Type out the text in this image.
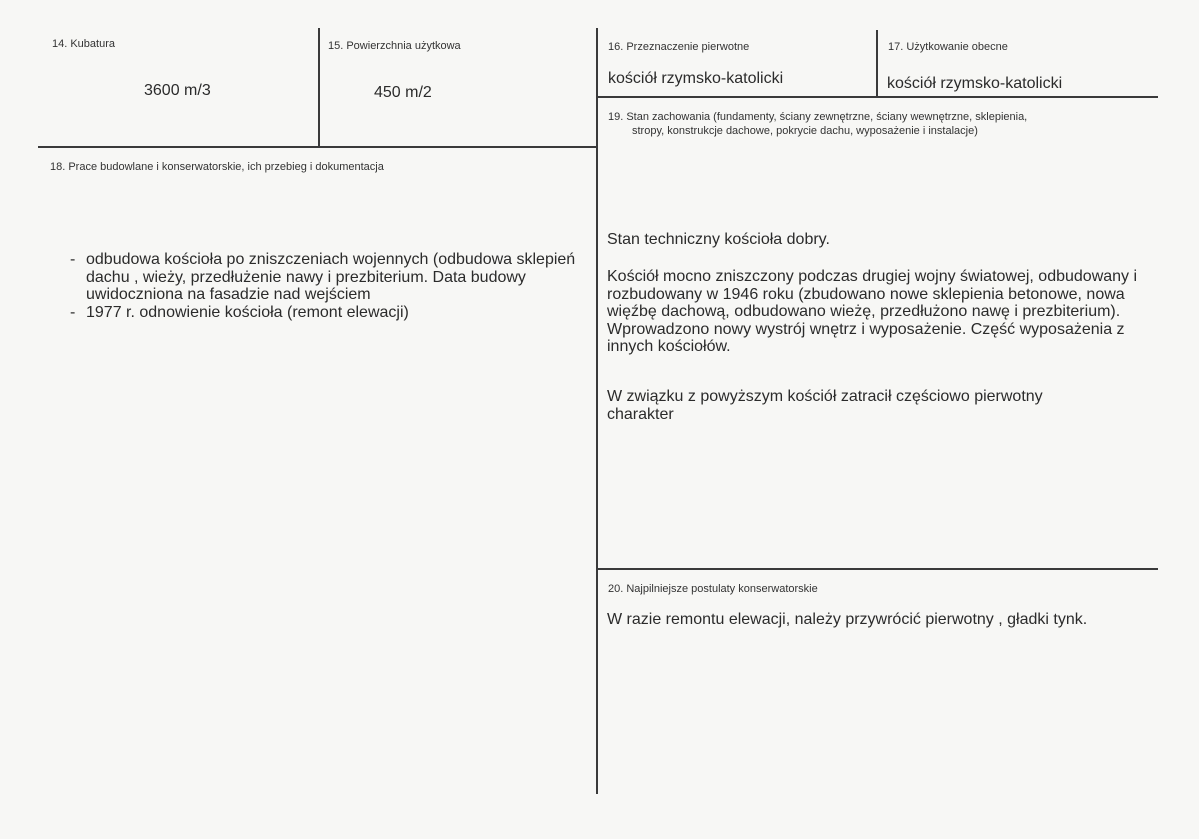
14. Kubatura
3600 m/3
15. Powierzchnia użytkowa
450 m/2
16. Przeznaczenie pierwotne
kościół rzymsko-katolicki
17. Użytkowanie obecne
kościół rzymsko-katolicki
18. Prace budowlane i konserwatorskie, ich przebieg i dokumentacja
- odbudowa kościoła po zniszczeniach wojennych (odbudowa sklepień dachu , wieży, przedłużenie nawy i prezbiterium. Data budowy uwidoczniona na fasadzie nad wejściem
- 1977 r. odnowienie kościoła (remont elewacji)
19. Stan zachowania (fundamenty, ściany zewnętrzne, ściany wewnętrzne, sklepienia,
stropy, konstrukcje dachowe, pokrycie dachu, wyposażenie i instalacje)
Stan techniczny kościoła dobry.
Kościół mocno zniszczony podczas drugiej wojny światowej, odbudowany i rozbudowany w 1946 roku (zbudowano nowe sklepienia betonowe, nowa więźbę dachową, odbudowano wieżę, przedłużono nawę i prezbiterium). Wprowadzono nowy wystrój wnętrz i wyposażenie. Część wyposażenia z innych kościołów.
W związku z powyższym kościół zatracił częściowo pierwotny charakter
20. Najpilniejsze postulaty konserwatorskie
W razie remontu elewacji, należy przywrócić pierwotny , gładki tynk.
